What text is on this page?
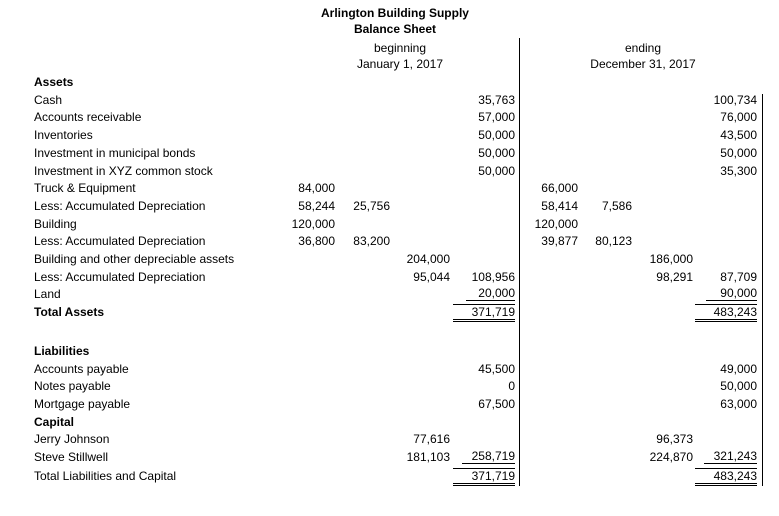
Arlington Building Supply
Balance Sheet
beginning
January 1, 2017
ending
December 31, 2017
Assets
Cash	35,763	100,734
Accounts receivable	57,000	76,000
Inventories	50,000	43,500
Investment in municipal bonds	50,000	50,000
Investment in XYZ common stock	50,000	35,300
Truck & Equipment	84,000	66,000
Less: Accumulated Depreciation	58,244	25,756	58,414	7,586
Building	120,000	120,000
Less: Accumulated Depreciation	36,800	83,200	39,877	80,123
Building and other depreciable assets	204,000	186,000
Less: Accumulated Depreciation	95,044	108,956	98,291	87,709
Land	20,000	90,000
Total Assets	371,719	483,243
Liabilities
Accounts payable	45,500	49,000
Notes payable	0	50,000
Mortgage payable	67,500	63,000
Capital
Jerry Johnson	77,616	96,373
Steve Stillwell	181,103	258,719	224,870	321,243
Total Liabilities and Capital	371,719	483,243
